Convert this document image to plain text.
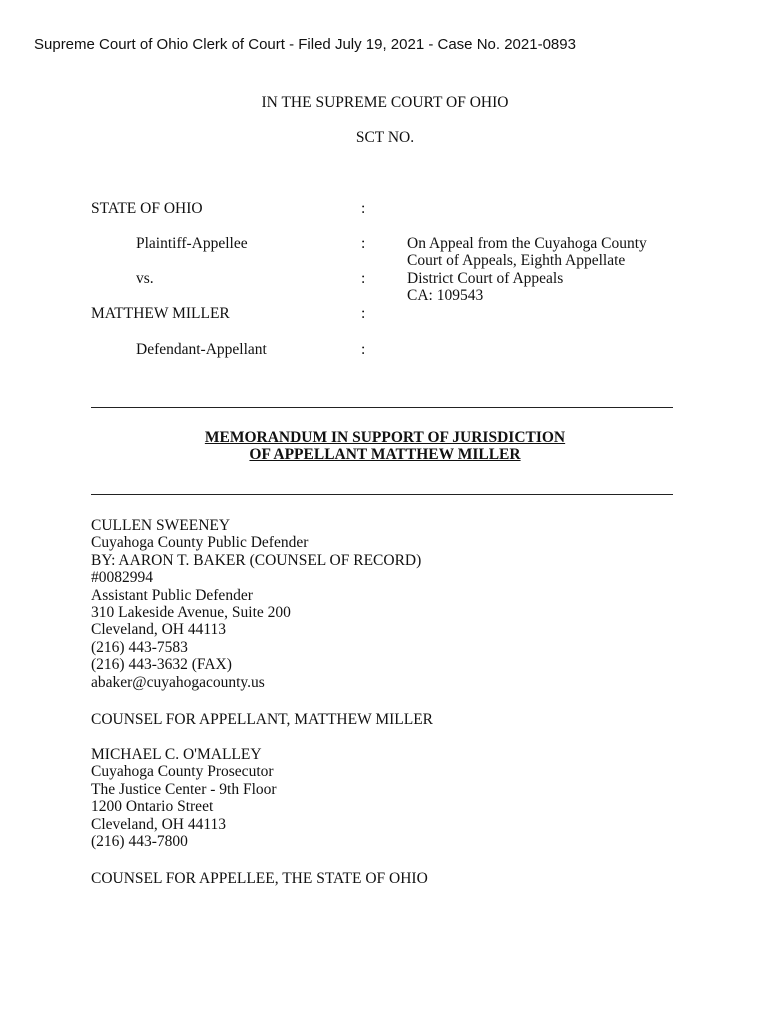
Supreme Court of Ohio Clerk of Court - Filed July 19, 2021 - Case No. 2021-0893
IN THE SUPREME COURT OF OHIO
SCT NO.
STATE OF OHIO	:
Plaintiff-Appellee	:
vs.	:
MATTHEW MILLER	:
Defendant-Appellant	:
On Appeal from the Cuyahoga County
Court of Appeals, Eighth Appellate
District Court of Appeals
CA: 109543
MEMORANDUM IN SUPPORT OF JURISDICTION
OF APPELLANT MATTHEW MILLER
CULLEN SWEENEY
Cuyahoga County Public Defender
BY: AARON T. BAKER (COUNSEL OF RECORD)
#0082994
Assistant Public Defender
310 Lakeside Avenue, Suite 200
Cleveland, OH 44113
(216) 443-7583
(216) 443-3632 (FAX)
abaker@cuyahogacounty.us
COUNSEL FOR APPELLANT, MATTHEW MILLER
MICHAEL C. O'MALLEY
Cuyahoga County Prosecutor
The Justice Center - 9th Floor
1200 Ontario Street
Cleveland, OH 44113
(216) 443-7800
COUNSEL FOR APPELLEE, THE STATE OF OHIO
